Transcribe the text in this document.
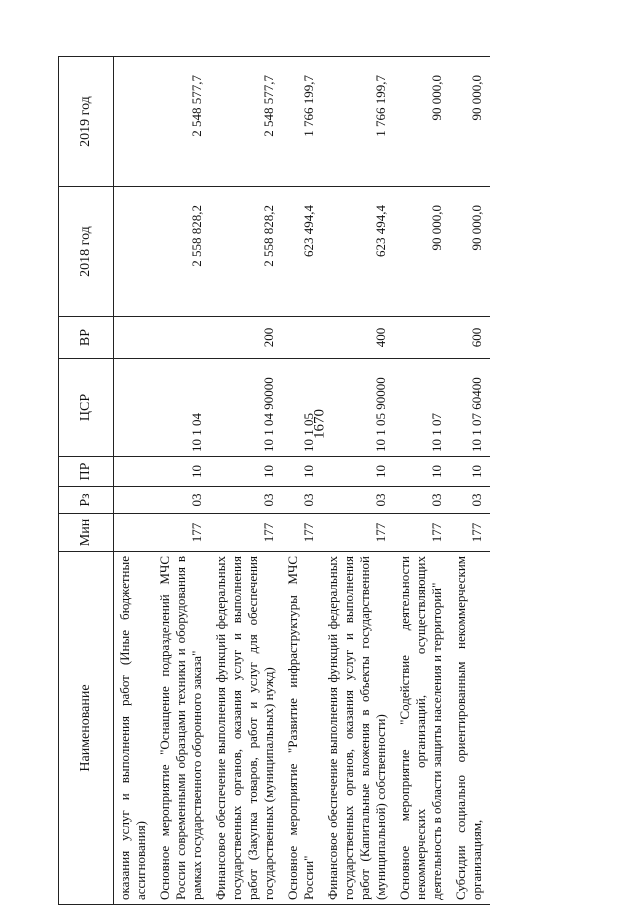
1670
Наименование	Мин	Рз	ПР	ЦСР	ВР	2018 год	2019 год
оказания услуг и выполнения работ (Иные бюджетные ассигнования)							
Основное мероприятие "Оснащение подразделений МЧС России современными образцами техники и оборудования в рамках государственного оборонного заказа"	177	03	10	10 1 04		2 558 828,2	2 548 577,7
Финансовое обеспечение выполнения функций федеральных государственных органов, оказания услуг и выполнения работ (Закупка товаров, работ и услуг для обеспечения государственных (муниципальных) нужд)	177	03	10	10 1 04 90000	200	2 558 828,2	2 548 577,7
Основное мероприятие "Развитие инфраструктуры МЧС России"	177	03	10	10 1 05		623 494,4	1 766 199,7
Финансовое обеспечение выполнения функций федеральных государственных органов, оказания услуг и выполнения работ (Капитальные вложения в объекты государственной (муниципальной) собственности)	177	03	10	10 1 05 90000	400	623 494,4	1 766 199,7
Основное мероприятие "Содействие деятельности некоммерческих организаций, осуществляющих деятельность в области защиты населения и территорий"	177	03	10	10 1 07		90 000,0	90 000,0
Субсидии социально ориентированным некоммерческим организациям,	177	03	10	10 1 07 60400	600	90 000,0	90 000,0
